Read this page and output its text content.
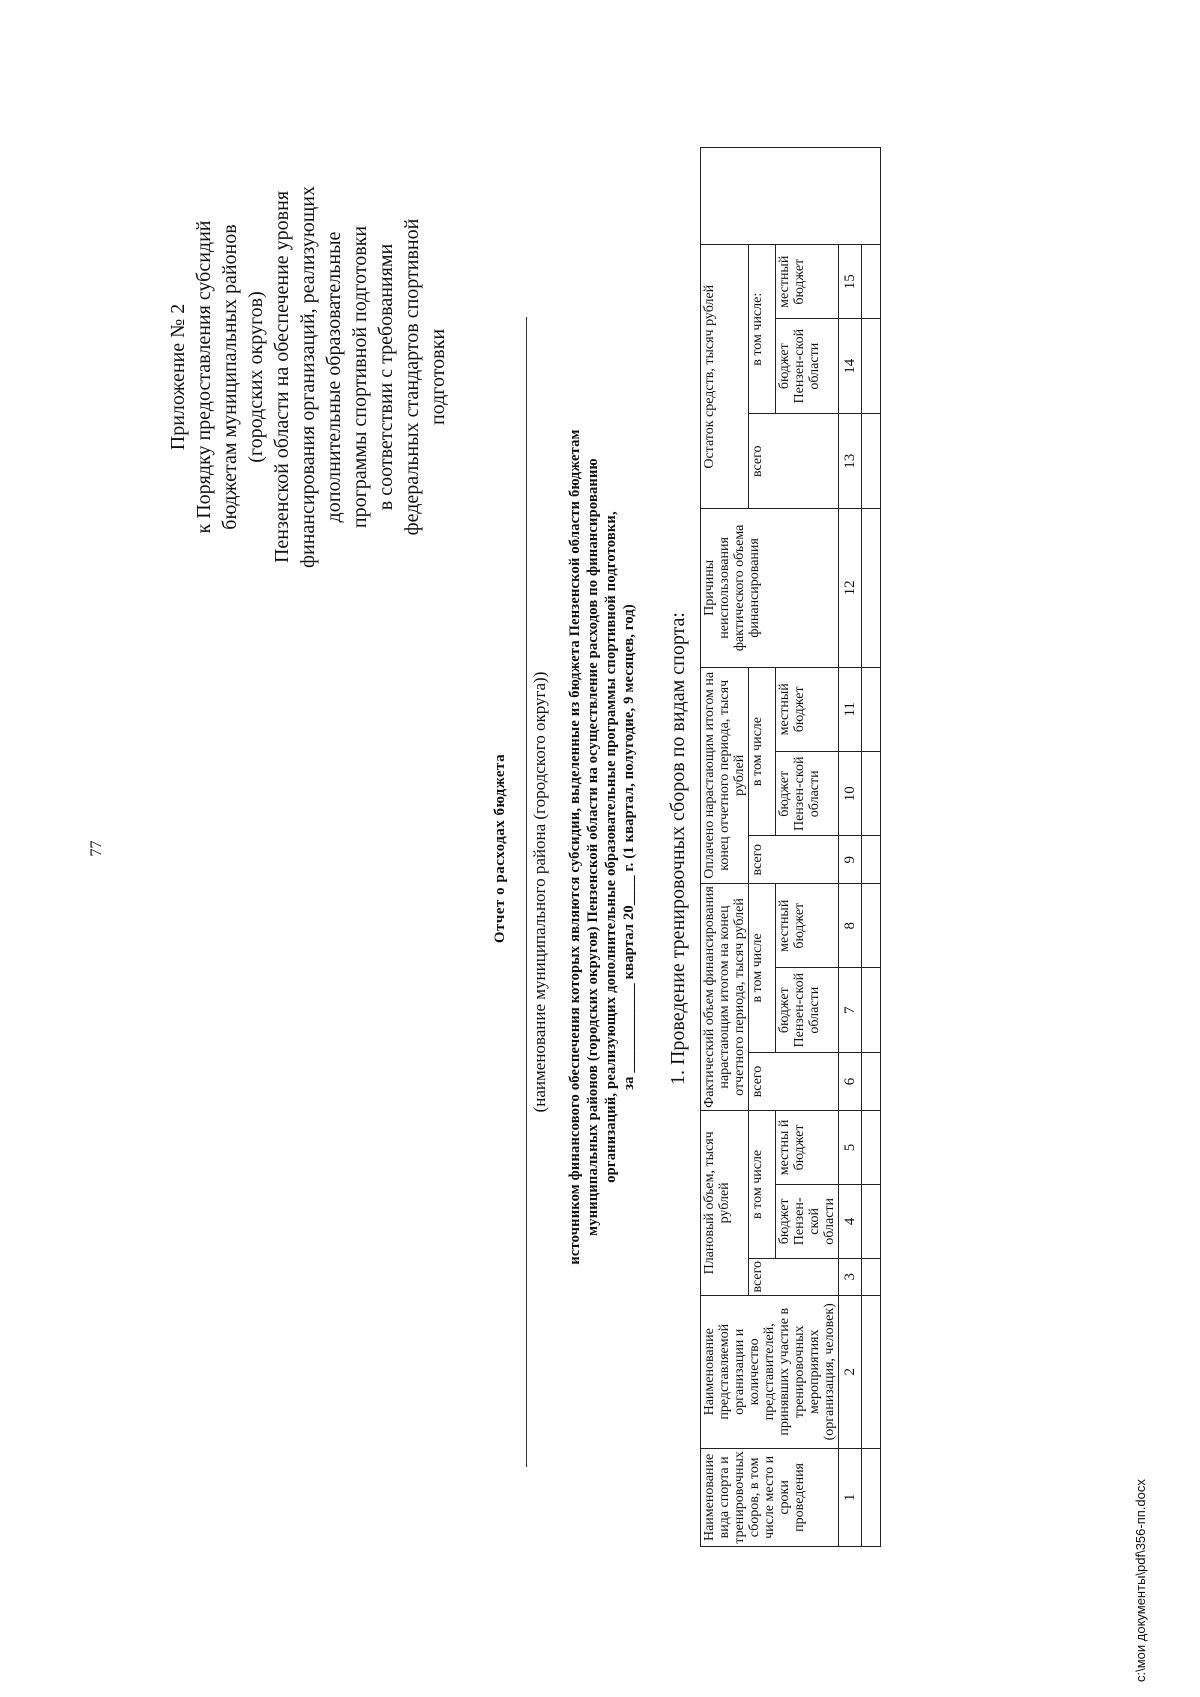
77
Приложение № 2 к Порядку предоставления субсидий бюджетам муниципальных районов (городских округов) Пензенской области на обеспечение уровня финансирования организаций, реализующих дополнительные образовательные программы спортивной подготовки в соответствии с требованиями федеральных стандартов спортивной подготовки
Отчет о расходах бюджета (наименование муниципального района (городского округа)) источником финансового обеспечения которых являются субсидии, выделенные из бюджета Пензенской области бюджетам муниципальных районов (городских округов) Пензенской области на осуществление расходов по финансированию организаций, реализующих дополнительные образовательные программы спортивной подготовки, за ____________ квартал 20____ г. (1 квартал, полугодие, 9 месяцев, год) 1. Проведение тренировочных сборов по видам спорта:
Наименование вида спорта и тренировочных сборов, в том числе место и сроки проведения	Наименование представляемой организации и количество представителей, принявших участие в тренировочных мероприятиях (организация, человек)	Плановый объем, тысяч рублей			Фактический объем финансирования нарастающим итогом на конец отчетного периода, тысяч рублей			Оплачено нарастающим итогом на конец отчетного периода, тысяч рублей			Причины неиспользования фактического объема финансирования	Остаток средств, тысяч рублей			
		всего	в том числе		всего	в том числе		всего	в том числе			всего	в том числе:		
			бюджет Пензен-ской области	местны й бюджет		бюджет Пензен-ской области	местный бюджет		бюджет Пензен-ской области	местный бюджет			бюджет Пензен-ской области	местный бюджет	
1	2	3	4	5	6	7	8	9	10	11	12	13	14	15	

c:\мои документы\pdf\356-пп.docx
